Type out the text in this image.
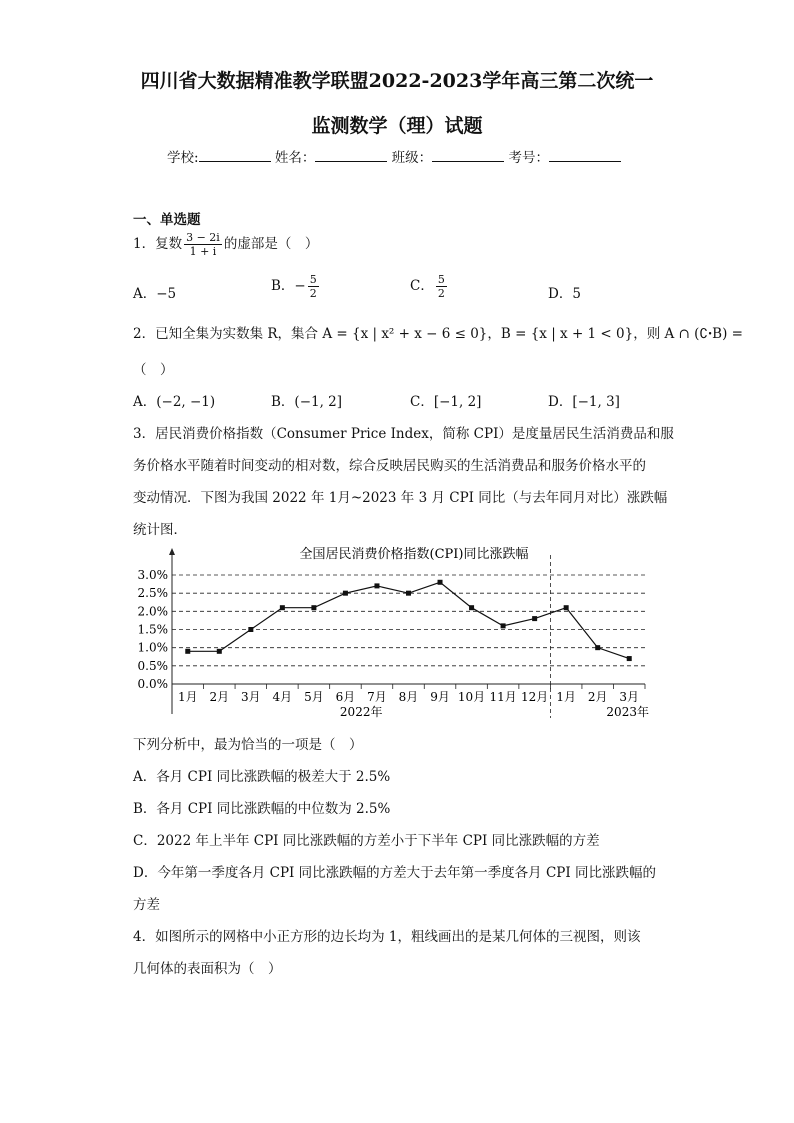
四川省大数据精准教学联盟2022-2023学年高三第二次统一
监测数学（理）试题
学校:	姓名：	班级：	考号：
一、单选题
1．复数 $\frac{3 - 2i}{1 + i}$ 的虚部是（　）
A．−5	B．− $\frac{5}{2}$	C． $\frac{5}{2}$	D．5
2．已知全集为实数集 R，集合 A = {x | x² + x − 6 ≤ 0}，B = {x | x + 1 < 0}，则 A ∩ (∁ꞏB) =
（　）
A．(−2, −1)	B．(−1, 2]	C．[−1, 2]	D．[−1, 3]
3．居民消费价格指数（Consumer Price Index，简称 CPI）是度量居民生活消费品和服
务价格水平随着时间变动的相对数，综合反映居民购买的生活消费品和服务价格水平的
变动情况．下图为我国 2022 年 1月~2023 年 3 月 CPI 同比（与去年同月对比）涨跌幅
统计图．
全国居民消费价格指数(CPI)同比涨跌幅
0.0%
0.5%
1.0%
1.5%
2.0%
2.5%
3.0%
1月 2月 3月 4月 5月 6月 7月 8月 9月 10月 11月 12月 1月 2月 3月
2022年	2023年
下列分析中，最为恰当的一项是（　）
A．各月 CPI 同比涨跌幅的极差大于 2.5%
B．各月 CPI 同比涨跌幅的中位数为 2.5%
C．2022 年上半年 CPI 同比涨跌幅的方差小于下半年 CPI 同比涨跌幅的方差
D．今年第一季度各月 CPI 同比涨跌幅的方差大于去年第一季度各月 CPI 同比涨跌幅的
方差
4．如图所示的网格中小正方形的边长均为 1，粗线画出的是某几何体的三视图，则该
几何体的表面积为（　）
